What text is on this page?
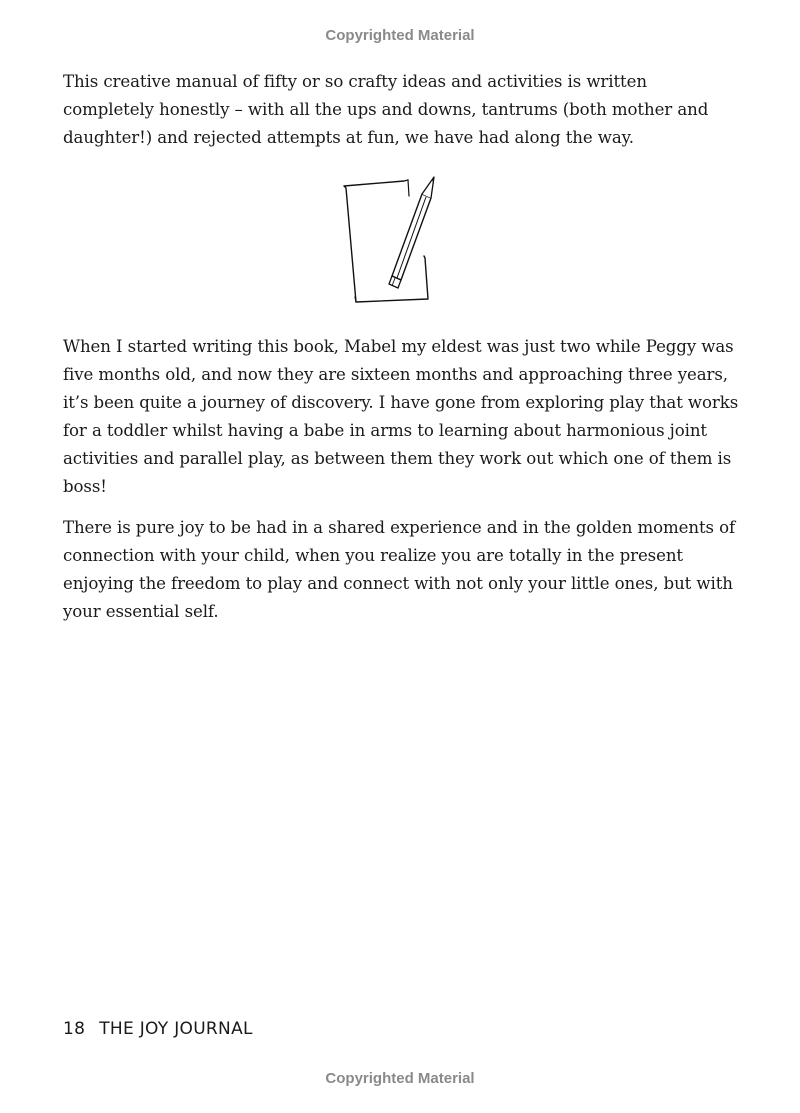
Copyrighted Material

This creative manual of fifty or so crafty ideas and activities is written completely honestly – with all the ups and downs, tantrums (both mother and daughter!) and rejected attempts at fun, we have had along the way.

When I started writing this book, Mabel my eldest was just two while Peggy was five months old, and now they are sixteen months and approaching three years, it’s been quite a journey of discovery. I have gone from exploring play that works for a toddler whilst having a babe in arms to learning about harmonious joint activities and parallel play, as between them they work out which one of them is boss!

There is pure joy to be had in a shared experience and in the golden moments of connection with your child, when you realize you are totally in the present enjoying the freedom to play and connect with not only your little ones, but with your essential self.

18 THE JOY JOURNAL
Copyrighted Material
